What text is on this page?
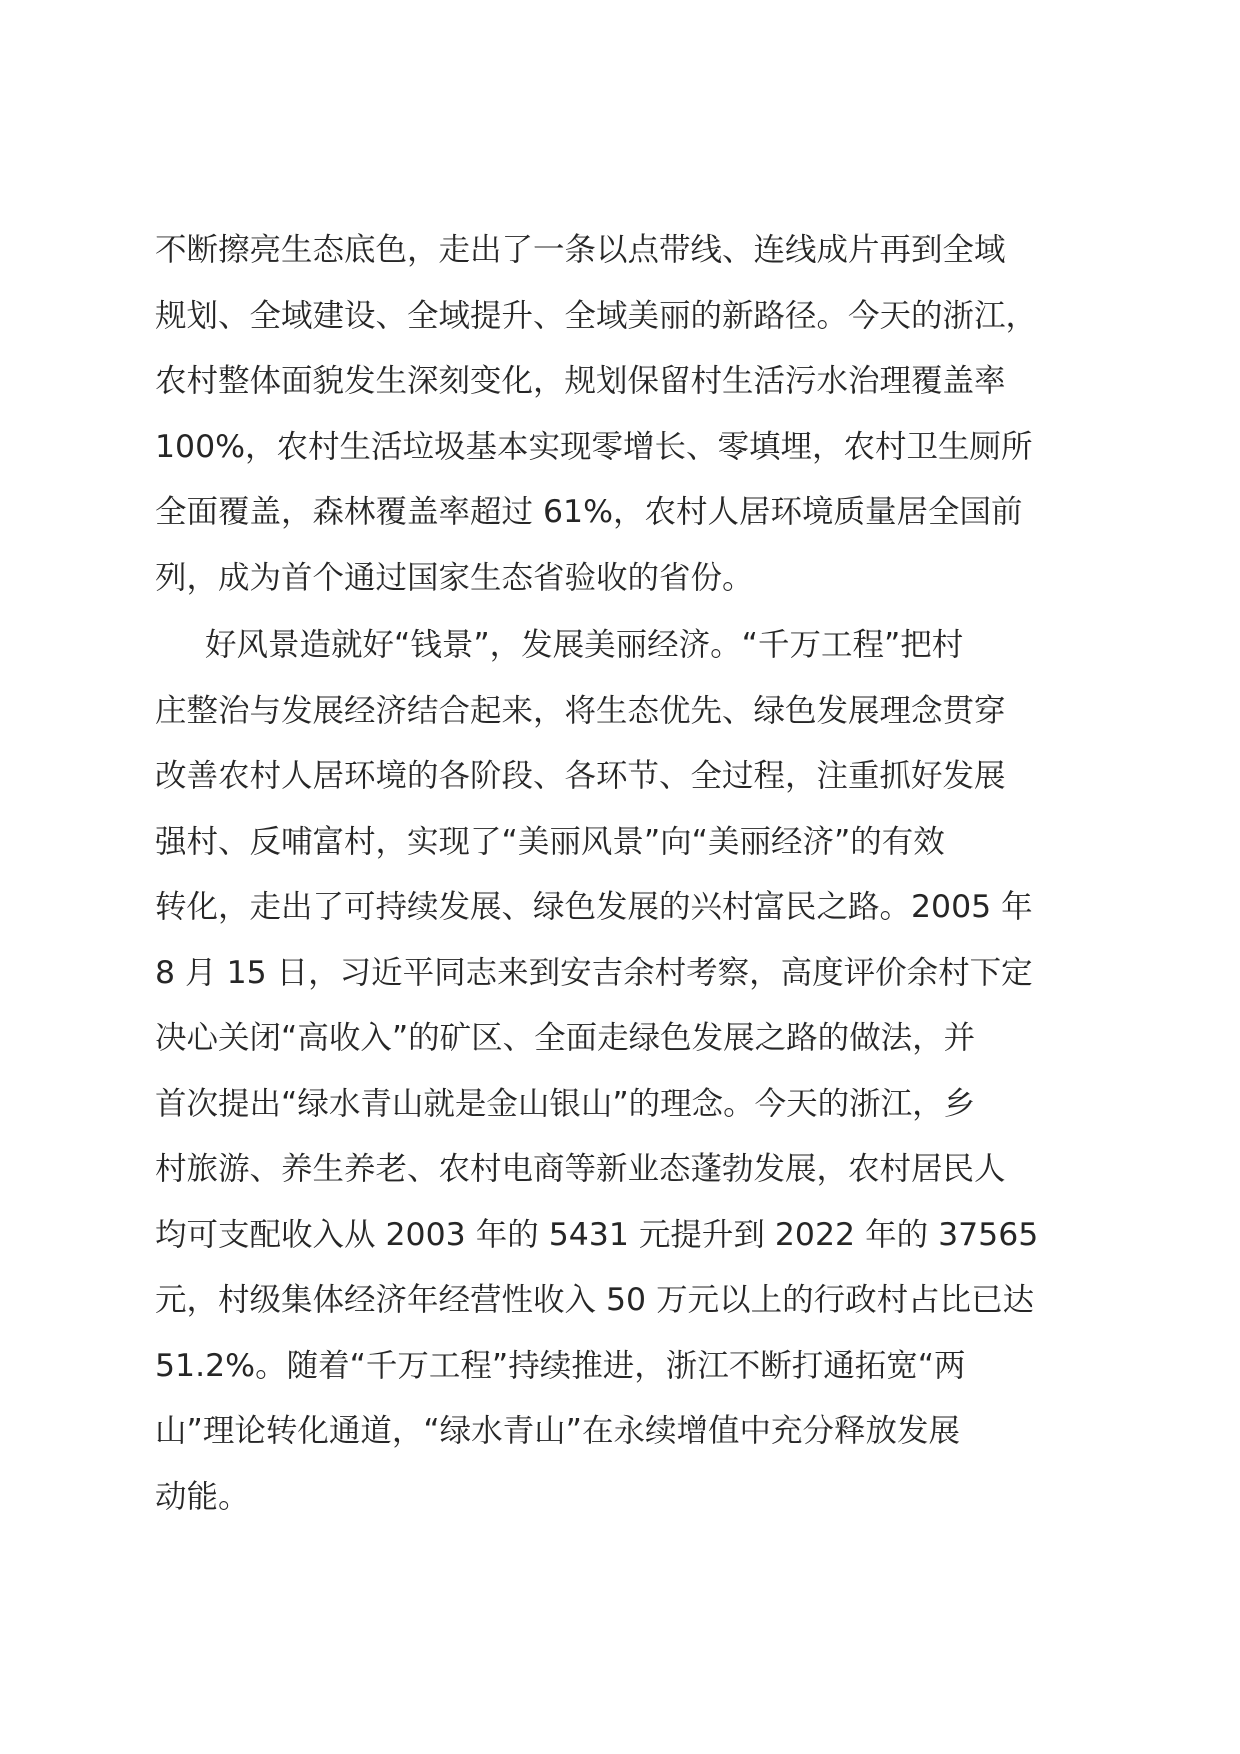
不断擦亮生态底色，走出了一条以点带线、连线成片再到全域
规划、全域建设、全域提升、全域美丽的新路径。今天的浙江，
农村整体面貌发生深刻变化，规划保留村生活污水治理覆盖率
100%，农村生活垃圾基本实现零增长、零填埋，农村卫生厕所
全面覆盖，森林覆盖率超过 61%，农村人居环境质量居全国前
列，成为首个通过国家生态省验收的省份。

好风景造就好“钱景”，发展美丽经济。“千万工程”把村
庄整治与发展经济结合起来，将生态优先、绿色发展理念贯穿
改善农村人居环境的各阶段、各环节、全过程，注重抓好发展
强村、反哺富村，实现了“美丽风景”向“美丽经济”的有效
转化，走出了可持续发展、绿色发展的兴村富民之路。2005 年
8 月 15 日，习近平同志来到安吉余村考察，高度评价余村下定
决心关闭“高收入”的矿区、全面走绿色发展之路的做法，并
首次提出“绿水青山就是金山银山”的理念。今天的浙江，乡
村旅游、养生养老、农村电商等新业态蓬勃发展，农村居民人
均可支配收入从 2003 年的 5431 元提升到 2022 年的 37565
元，村级集体经济年经营性收入 50 万元以上的行政村占比已达
51.2%。随着“千万工程”持续推进，浙江不断打通拓宽“两
山”理论转化通道，“绿水青山”在永续增值中充分释放发展
动能。
